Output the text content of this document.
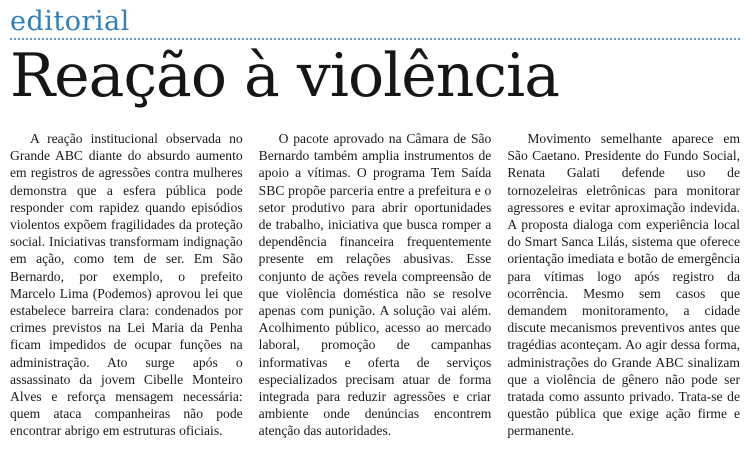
editorial
Reação à violência

A reação institucional observada no Grande ABC diante do absurdo aumento em registros de agressões contra mulheres demonstra que a esfera pública pode responder com rapidez quando episódios violentos expõem fragilidades da proteção social. Iniciativas transformam indignação em ação, como tem de ser. Em São Bernardo, por exemplo, o prefeito Marcelo Lima (Podemos) aprovou lei que estabelece barreira clara: condenados por crimes previstos na Lei Maria da Penha ficam impedidos de ocupar funções na administração. Ato surge após o assassinato da jovem Cibelle Monteiro Alves e reforça mensagem necessária: quem ataca companheiras não pode encontrar abrigo em estruturas oficiais.

O pacote aprovado na Câmara de São Bernardo também amplia instrumentos de apoio a vítimas. O programa Tem Saída SBC propõe parceria entre a prefeitura e o setor produtivo para abrir oportunidades de trabalho, iniciativa que busca romper a dependência financeira frequentemente presente em relações abusivas. Esse conjunto de ações revela compreensão de que violência doméstica não se resolve apenas com punição. A solução vai além. Acolhimento público, acesso ao mercado laboral, promoção de campanhas informativas e oferta de serviços especializados precisam atuar de forma integrada para reduzir agressões e criar ambiente onde denúncias encontrem atenção das autoridades.

Movimento semelhante aparece em São Caetano. Presidente do Fundo Social, Renata Galati defende uso de tornozeleiras eletrônicas para monitorar agressores e evitar aproximação indevida. A proposta dialoga com experiência local do Smart Sanca Lilás, sistema que oferece orientação imediata e botão de emergência para vítimas logo após registro da ocorrência. Mesmo sem casos que demandem monitoramento, a cidade discute mecanismos preventivos antes que tragédias aconteçam. Ao agir dessa forma, administrações do Grande ABC sinalizam que a violência de gênero não pode ser tratada como assunto privado. Trata-se de questão pública que exige ação firme e permanente.
